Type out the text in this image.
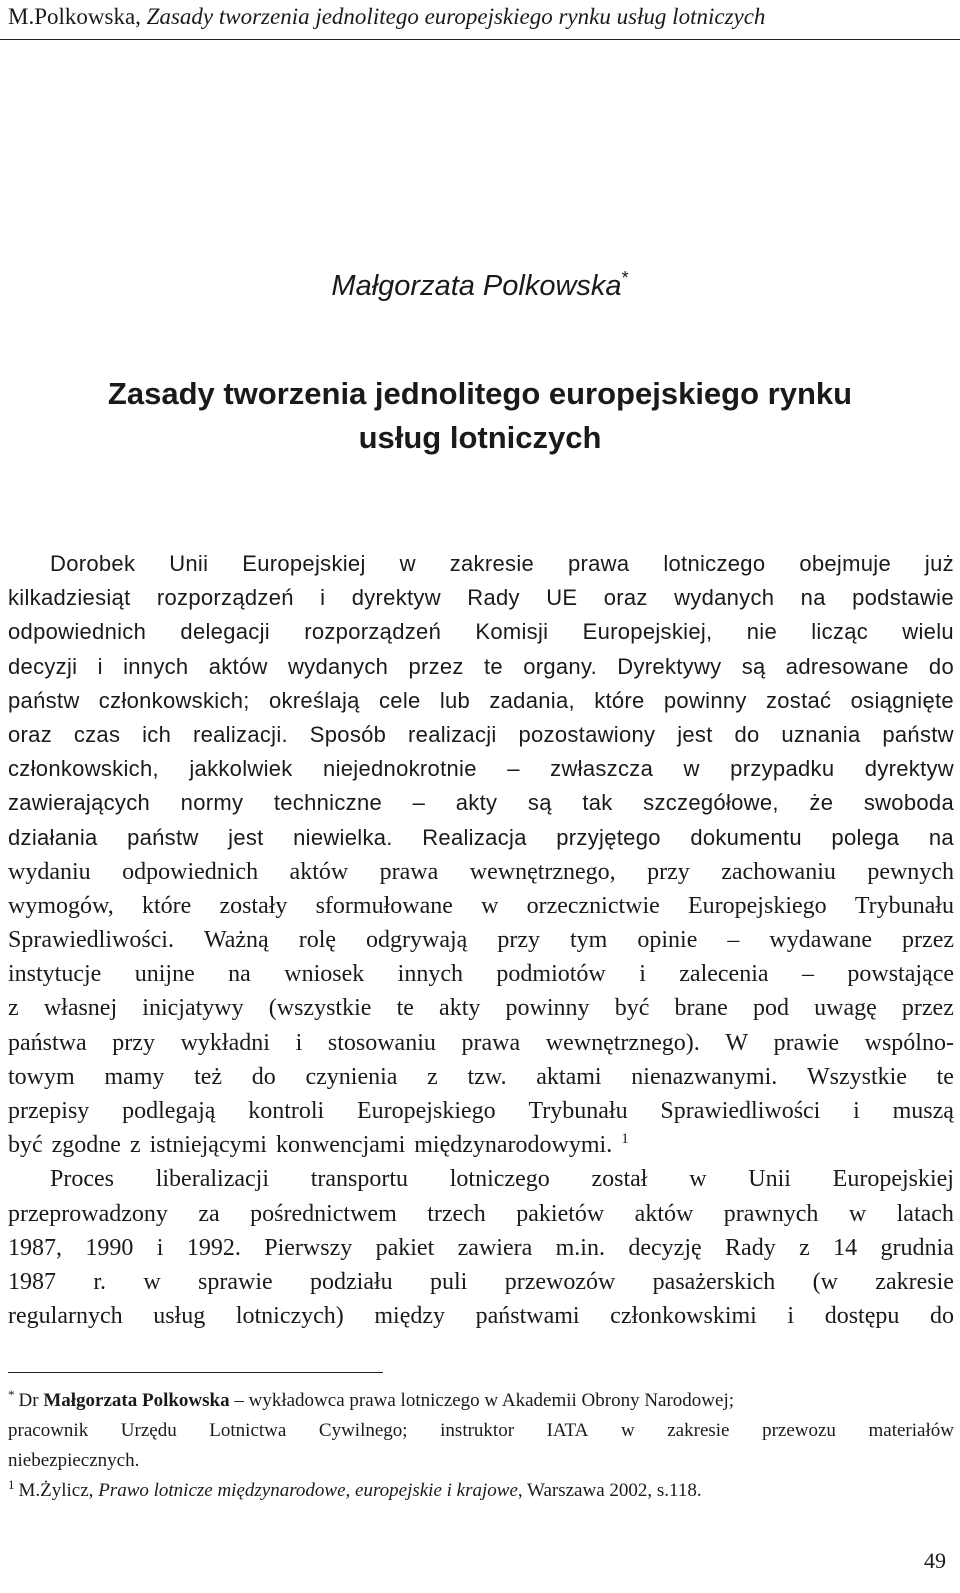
M.Polkowska, Zasady tworzenia jednolitego europejskiego rynku usług lotniczych
Małgorzata Polkowska*
Zasady tworzenia jednolitego europejskiego rynku
usług lotniczych
Dorobek Unii Europejskiej w zakresie prawa lotniczego obejmuje już
kilkadziesiąt rozporządzeń i dyrektyw Rady UE oraz wydanych na podstawie
odpowiednich delegacji rozporządzeń Komisji Europejskiej, nie licząc wielu
decyzji i innych aktów wydanych przez te organy. Dyrektywy są adresowane do
państw członkowskich; określają cele lub zadania, które powinny zostać osiągnięte
oraz czas ich realizacji. Sposób realizacji pozostawiony jest do uznania państw
członkowskich, jakkolwiek niejednokrotnie – zwłaszcza w przypadku dyrektyw
zawierających normy techniczne – akty są tak szczegółowe, że swoboda
działania państw jest niewielka. Realizacja przyjętego dokumentu polega na
wydaniu odpowiednich aktów prawa wewnętrznego, przy zachowaniu pewnych
wymogów, które zostały sformułowane w orzecznictwie Europejskiego Trybunału
Sprawiedliwości. Ważną rolę odgrywają przy tym opinie – wydawane przez
instytucje unijne na wniosek innych podmiotów i zalecenia – powstające
z własnej inicjatywy (wszystkie te akty powinny być brane pod uwagę przez
państwa przy wykładni i stosowaniu prawa wewnętrznego). W prawie wspólno-
towym mamy też do czynienia z tzw. aktami nienazwanymi. Wszystkie te
przepisy podlegają kontroli Europejskiego Trybunału Sprawiedliwości i muszą
być zgodne z istniejącymi konwencjami międzynarodowymi. 1
Proces liberalizacji transportu lotniczego został w Unii Europejskiej
przeprowadzony za pośrednictwem trzech pakietów aktów prawnych w latach
1987, 1990 i 1992. Pierwszy pakiet zawiera m.in. decyzję Rady z 14 grudnia
1987 r. w sprawie podziału puli przewozów pasażerskich (w zakresie
regularnych usług lotniczych) między państwami członkowskimi i dostępu do
* Dr Małgorzata Polkowska – wykładowca prawa lotniczego w Akademii Obrony Narodowej;
pracownik Urzędu Lotnictwa Cywilnego; instruktor IATA w zakresie przewozu materiałów
niebezpiecznych.
$^1$ M.Żylicz, Prawo lotnicze międzynarodowe, europejskie i krajowe, Warszawa 2002, s.118.
49
